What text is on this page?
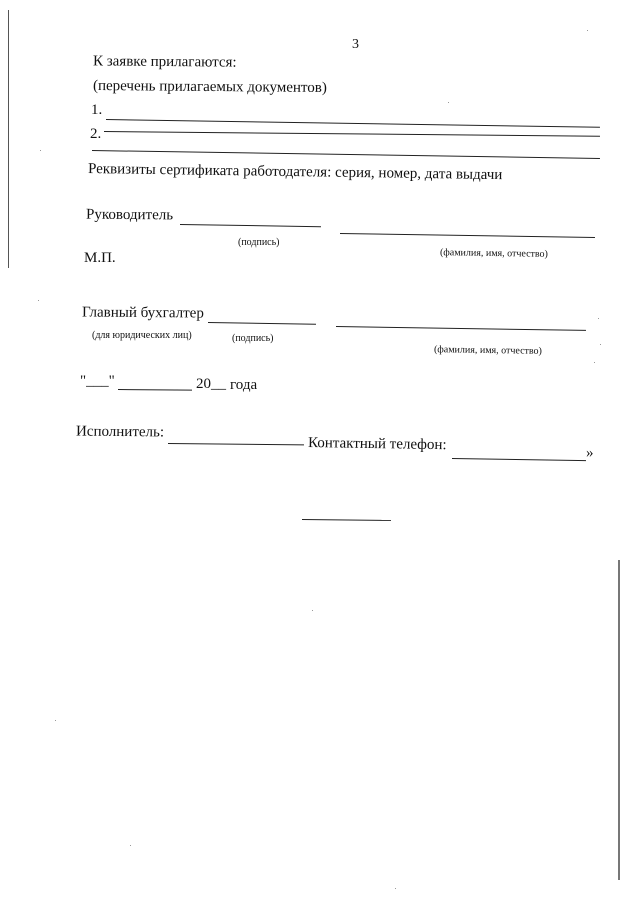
3
К заявке прилагаются:
(перечень прилагаемых документов)
1.
2.
Реквизиты сертификата работодателя: серия, номер, дата выдачи
Руководитель
(подпись)
(фамилия, имя, отчество)
М.П.
Главный бухгалтер
(для юридических лиц)	(подпись)
(фамилия, имя, отчество)
"___"	20__ года
Исполнитель:
Контактный телефон:	»
